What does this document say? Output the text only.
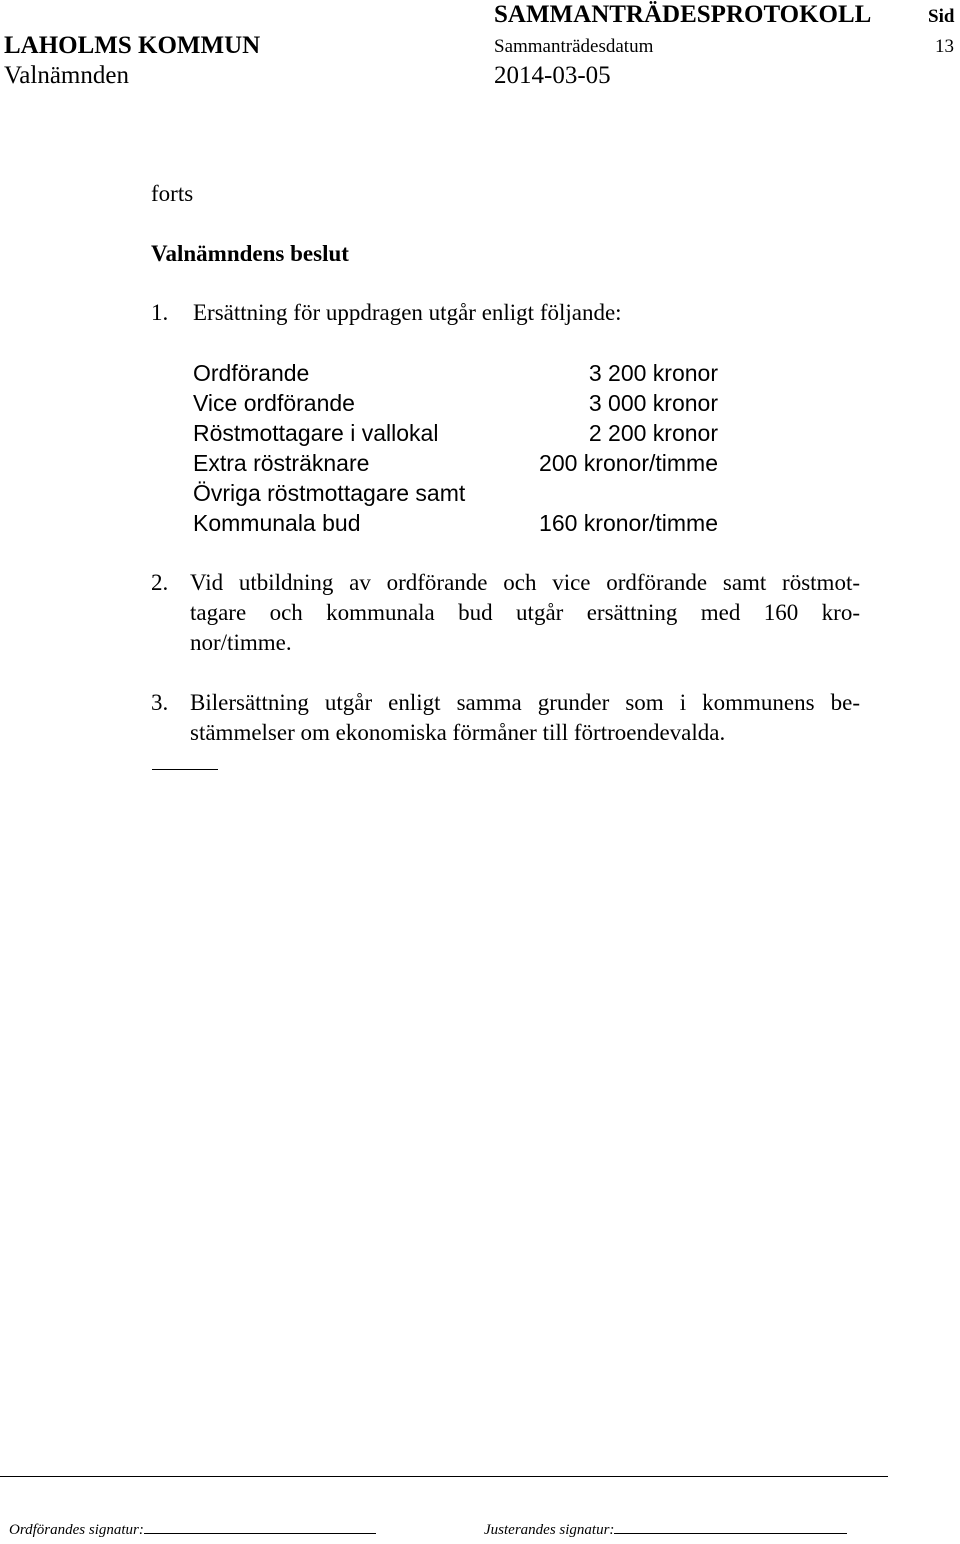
LAHOLMS KOMMUN
Valnämnden
SAMMANTRÄDESPROTOKOLL	Sid
Sammanträdesdatum	13
2014-03-05
forts
Valnämndens beslut
1. Ersättning för uppdragen utgår enligt följande:
Ordförande	3 200 kronor
Vice ordförande	3 000 kronor
Röstmottagare i vallokal	2 200 kronor
Extra rösträknare	200 kronor/timme
Övriga röstmottagare samt
Kommunala bud	160 kronor/timme
2. Vid utbildning av ordförande och vice ordförande samt röstmot-
tagare och kommunala bud utgår ersättning med 160 kro-
nor/timme.
3. Bilersättning utgår enligt samma grunder som i kommunens be-
stämmelser om ekonomiska förmåner till förtroendevalda.
Ordförandes signatur:	Justerandes signatur:
